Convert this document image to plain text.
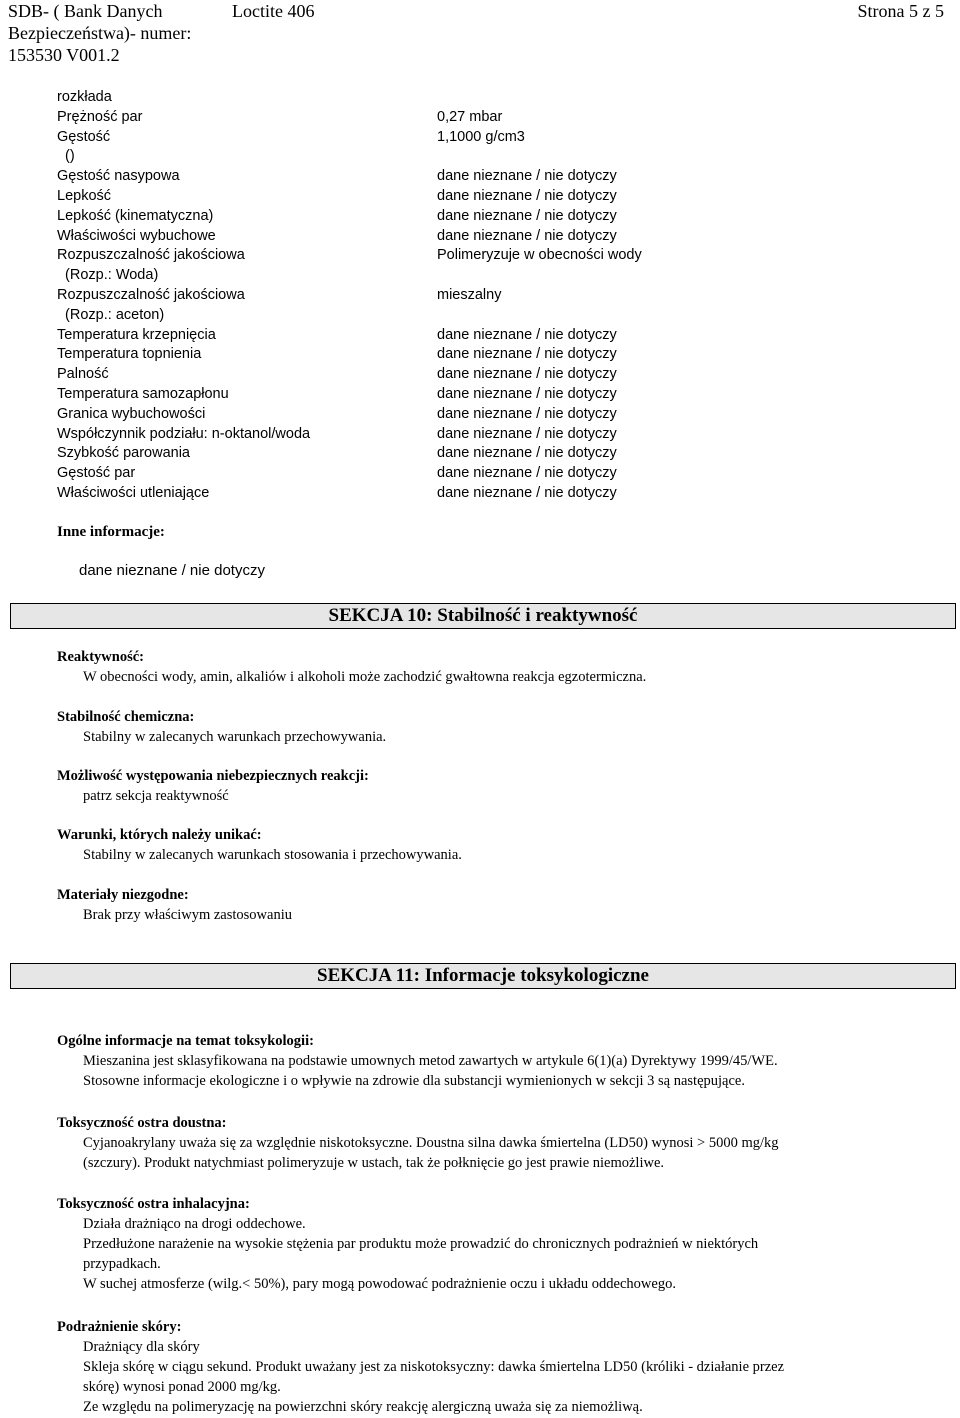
SDB- ( Bank Danych	Loctite 406	Strona 5 z 5
Bezpieczeństwa)- numer:
153530 V001.2
rozkłada
Prężność par	0,27 mbar
Gęstość	1,1000 g/cm3
()
Gęstość nasypowa	dane nieznane / nie dotyczy
Lepkość	dane nieznane / nie dotyczy
Lepkość (kinematyczna)	dane nieznane / nie dotyczy
Właściwości wybuchowe	dane nieznane / nie dotyczy
Rozpuszczalność jakościowa	Polimeryzuje w obecności wody
(Rozp.: Woda)
Rozpuszczalność jakościowa	mieszalny
(Rozp.: aceton)
Temperatura krzepnięcia	dane nieznane / nie dotyczy
Temperatura topnienia	dane nieznane / nie dotyczy
Palność	dane nieznane / nie dotyczy
Temperatura samozapłonu	dane nieznane / nie dotyczy
Granica wybuchowości	dane nieznane / nie dotyczy
Współczynnik podziału: n-oktanol/woda	dane nieznane / nie dotyczy
Szybkość parowania	dane nieznane / nie dotyczy
Gęstość par	dane nieznane / nie dotyczy
Właściwości utleniające	dane nieznane / nie dotyczy
Inne informacje:
dane nieznane / nie dotyczy
SEKCJA 10: Stabilność i reaktywność
Reaktywność:
W obecności wody, amin, alkaliów i alkoholi może zachodzić gwałtowna reakcja egzotermiczna.
Stabilność chemiczna:
Stabilny w zalecanych warunkach przechowywania.
Możliwość występowania niebezpiecznych reakcji:
patrz sekcja reaktywność
Warunki, których należy unikać:
Stabilny w zalecanych warunkach stosowania i przechowywania.
Materiały niezgodne:
Brak przy właściwym zastosowaniu
SEKCJA 11: Informacje toksykologiczne
Ogólne informacje na temat toksykologii:
Mieszanina jest sklasyfikowana na podstawie umownych metod zawartych w artykule 6(1)(a) Dyrektywy 1999/45/WE.
Stosowne informacje ekologiczne i o wpływie na zdrowie dla substancji wymienionych w sekcji 3 są następujące.
Toksyczność ostra doustna:
Cyjanoakrylany uważa się za względnie niskotoksyczne. Doustna silna dawka śmiertelna (LD50) wynosi > 5000 mg/kg
(szczury). Produkt natychmiast polimeryzuje w ustach, tak że połknięcie go jest prawie niemożliwe.
Toksyczność ostra inhalacyjna:
Działa drażniąco na drogi oddechowe.
Przedłużone narażenie na wysokie stężenia par produktu może prowadzić do chronicznych podrażnień w niektórych
przypadkach.
W suchej atmosferze (wilg.< 50%), pary mogą powodować podrażnienie oczu i układu oddechowego.
Podrażnienie skóry:
Drażniący dla skóry
Skleja skórę w ciągu sekund. Produkt uważany jest za niskotoksyczny: dawka śmiertelna LD50 (króliki - działanie przez
skórę) wynosi ponad 2000 mg/kg.
Ze względu na polimeryzację na powierzchni skóry reakcję alergiczną uważa się za niemożliwą.
